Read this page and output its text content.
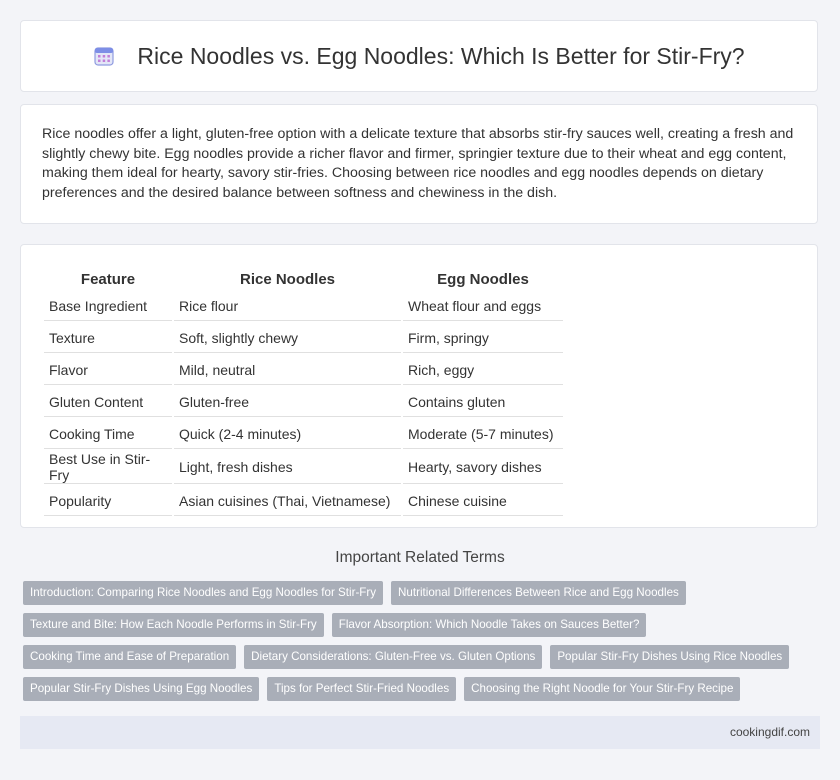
Rice Noodles vs. Egg Noodles: Which Is Better for Stir-Fry?

Rice noodles offer a light, gluten-free option with a delicate texture that absorbs stir-fry sauces well, creating a fresh and slightly chewy bite. Egg noodles provide a richer flavor and firmer, springier texture due to their wheat and egg content, making them ideal for hearty, savory stir-fries. Choosing between rice noodles and egg noodles depends on dietary preferences and the desired balance between softness and chewiness in the dish.

Feature	Rice Noodles	Egg Noodles
Base Ingredient	Rice flour	Wheat flour and eggs
Texture	Soft, slightly chewy	Firm, springy
Flavor	Mild, neutral	Rich, eggy
Gluten Content	Gluten-free	Contains gluten
Cooking Time	Quick (2-4 minutes)	Moderate (5-7 minutes)
Best Use in Stir-Fry	Light, fresh dishes	Hearty, savory dishes
Popularity	Asian cuisines (Thai, Vietnamese)	Chinese cuisine
Important Related Terms
Introduction: Comparing Rice Noodles and Egg Noodles for Stir-Fry	Nutritional Differences Between Rice and Egg Noodles
Texture and Bite: How Each Noodle Performs in Stir-Fry	Flavor Absorption: Which Noodle Takes on Sauces Better?
Cooking Time and Ease of Preparation	Dietary Considerations: Gluten-Free vs. Gluten Options	Popular Stir-Fry Dishes Using Rice Noodles
Popular Stir-Fry Dishes Using Egg Noodles	Tips for Perfect Stir-Fried Noodles	Choosing the Right Noodle for Your Stir-Fry Recipe
cookingdif.com
